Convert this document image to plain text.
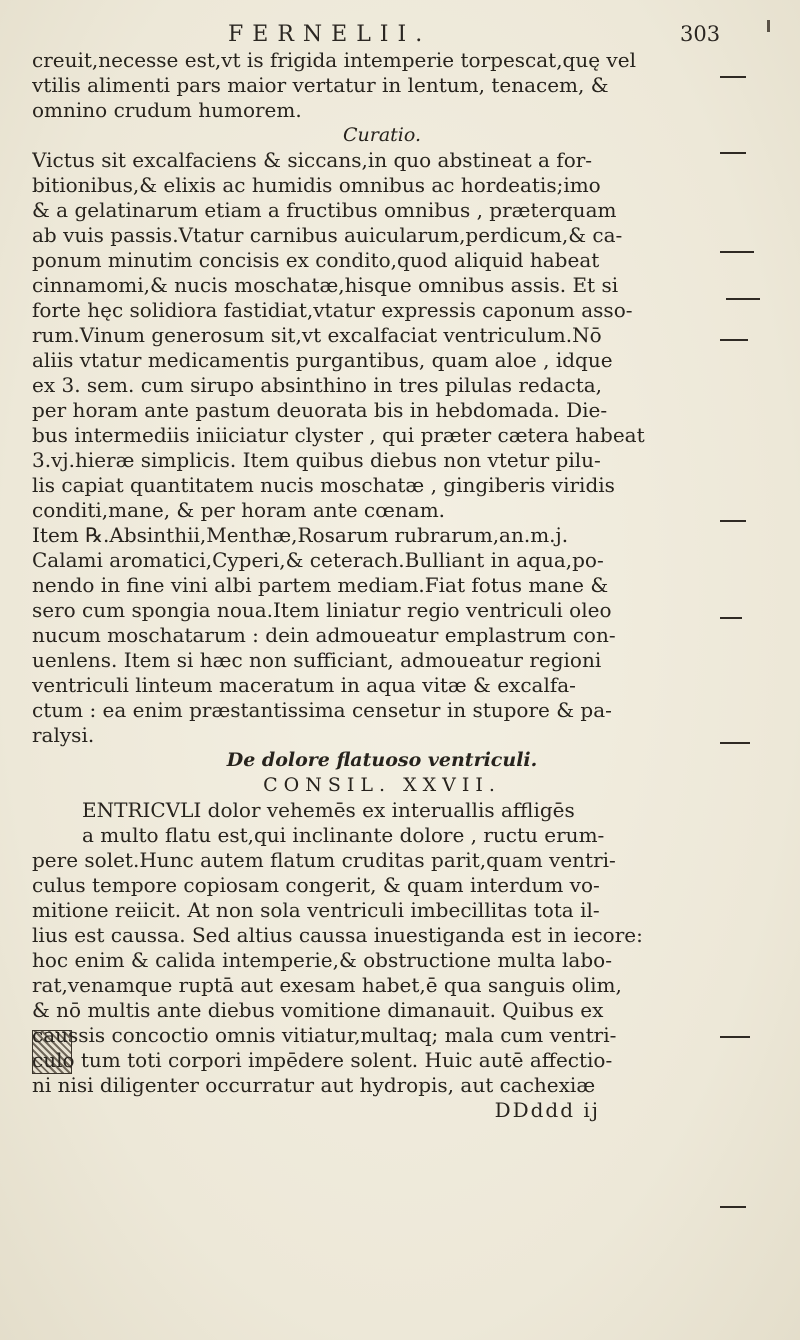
FERNELII.	303
creuit,necesse est,vt is frigida intemperie torpescat,quę vel
vtilis alimenti pars maior vertatur in lentum, tenacem, &
omnino crudum humorem.
Curatio.
Victus sit excalfaciens & siccans,in quo abstineat a for-
bitionibus,& elixis ac humidis omnibus ac hordeatis;imo
& a gelatinarum etiam a fructibus omnibus , præterquam
ab vuis passis.Vtatur carnibus auicularum,perdicum,& ca-
ponum minutim concisis ex condito,quod aliquid habeat
cinnamomi,& nucis moschatæ,hisque omnibus assis. Et si
forte hęc solidiora fastidiat,vtatur expressis caponum asso-
rum.Vinum generosum sit,vt excalfaciat ventriculum.Nō
aliis vtatur medicamentis purgantibus, quam aloe , idque
ex 3. sem. cum sirupo absinthino in tres pilulas redacta,
per horam ante pastum deuorata bis in hebdomada. Die-
bus intermediis iniiciatur clyster , qui præter cætera habeat
3.vj.hieræ simplicis. Item quibus diebus non vtetur pilu-
lis capiat quantitatem nucis moschatæ , gingiberis viridis
conditi,mane, & per horam ante cœnam.
Item ℞.Absinthii,Menthæ,Rosarum rubrarum,an.m.j.
Calami aromatici,Cyperi,& ceterach.Bulliant in aqua,po-
nendo in fine vini albi partem mediam.Fiat fotus mane &
sero cum spongia noua.Item liniatur regio ventriculi oleo
nucum moschatarum : dein admoueatur emplastrum con-
uenlens. Item si hæc non sufficiant, admoueatur regioni
ventriculi linteum maceratum in aqua vitæ & excalfa-
ctum : ea enim præstantissima censetur in stupore & pa-
ralysi.
De dolore flatuoso ventriculi.
CONSIL. XXVII.
ENTRICVLI dolor vehemēs ex interuallis affligēs
a multo flatu est,qui inclinante dolore , ructu erum-
pere solet.Hunc autem flatum cruditas parit,quam ventri-
culus tempore copiosam congerit, & quam interdum vo-
mitione reiicit. At non sola ventriculi imbecillitas tota il-
lius est caussa. Sed altius caussa inuestiganda est in iecore:
hoc enim & calida intemperie,& obstructione multa labo-
rat,venamque ruptā aut exesam habet,ē qua sanguis olim,
& nō multis ante diebus vomitione dimanauit. Quibus ex
caussis concoctio omnis vitiatur,multaq; mala cum ventri-
culo tum toti corpori impēdere solent. Huic autē affectio-
ni nisi diligenter occurratur aut hydropis, aut cachexiæ
DDddd ij
